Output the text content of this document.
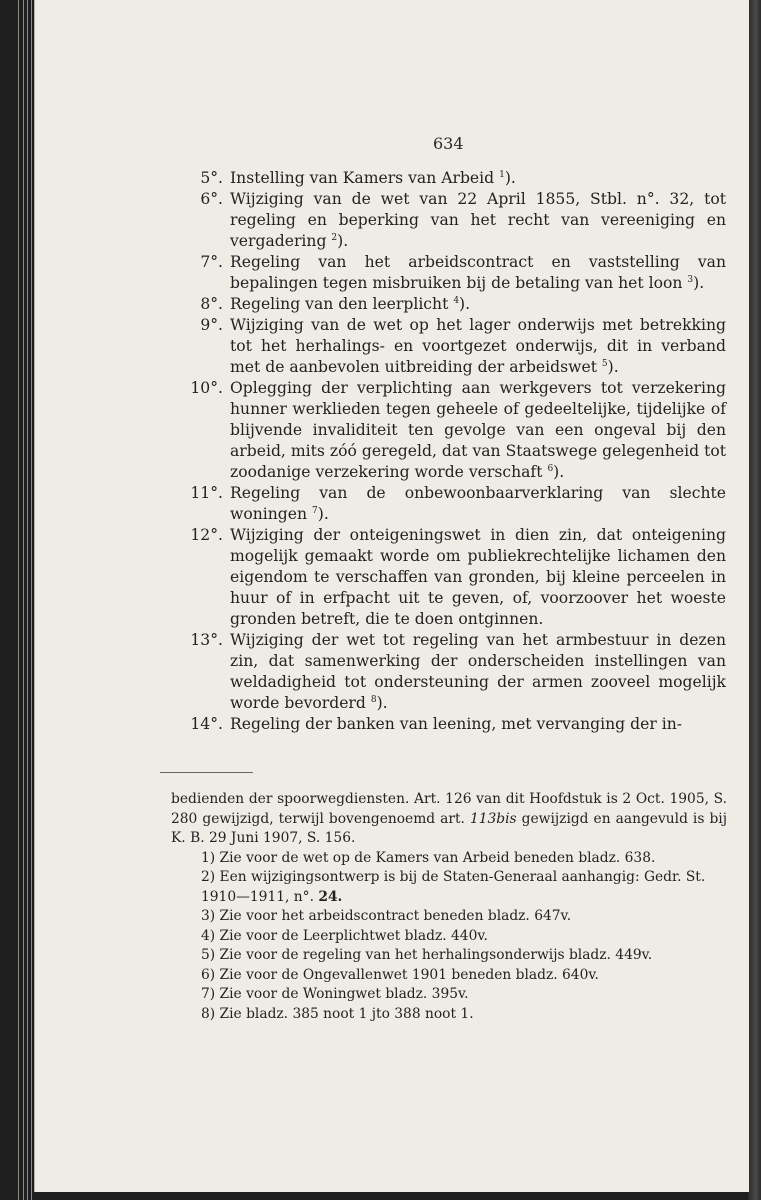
634
5°. Instelling van Kamers van Arbeid $^1$).
6°. Wijziging van de wet van 22 April 1855, Stbl. n°. 32, tot regeling en beperking van het recht van vereeniging en vergadering $^2$).
7°. Regeling van het arbeidscontract en vaststelling van bepalingen tegen misbruiken bij de betaling van het loon $^3$).
8°. Regeling van den leerplicht $^4$).
9°. Wijziging van de wet op het lager onderwijs met betrekking tot het herhalings- en voortgezet onderwijs, dit in verband met de aanbevolen uitbreiding der arbeidswet $^5$).
10°. Oplegging der verplichting aan werkgevers tot verzekering hunner werklieden tegen geheele of gedeeltelijke, tijdelijke of blijvende invaliditeit ten gevolge van een ongeval bij den arbeid, mits zóó geregeld, dat van Staatswege gelegenheid tot zoodanige verzekering worde verschaft $^6$).
11°. Regeling van de onbewoonbaarverklaring van slechte woningen $^7$).
12°. Wijziging der onteigeningswet in dien zin, dat onteigening mogelijk gemaakt worde om publiekrechtelijke lichamen den eigendom te verschaffen van gronden, bij kleine perceelen in huur of in erfpacht uit te geven, of, voorzoover het woeste gronden betreft, die te doen ontginnen.
13°. Wijziging der wet tot regeling van het armbestuur in dezen zin, dat samenwerking der onderscheiden instellingen van weldadigheid tot ondersteuning der armen zooveel mogelijk worde bevorderd $^8$).
14°. Regeling der banken van leening, met vervanging der in-
bedienden der spoorwegdiensten. Art. 126 van dit Hoofdstuk is 2 Oct. 1905, S. 280 gewijzigd, terwijl bovengenoemd art. 113bis gewijzigd en aangevuld is bij K. B. 29 Juni 1907, S. 156.
1) Zie voor de wet op de Kamers van Arbeid beneden bladz. 638.
2) Een wijzigingsontwerp is bij de Staten-Generaal aanhangig: Gedr. St. 1910—1911, n°. 24.
3) Zie voor het arbeidscontract beneden bladz. 647v.
4) Zie voor de Leerplichtwet bladz. 440v.
5) Zie voor de regeling van het herhalingsonderwijs bladz. 449v.
6) Zie voor de Ongevallenwet 1901 beneden bladz. 640v.
7) Zie voor de Woningwet bladz. 395v.
8) Zie bladz. 385 noot 1 jto 388 noot 1.
